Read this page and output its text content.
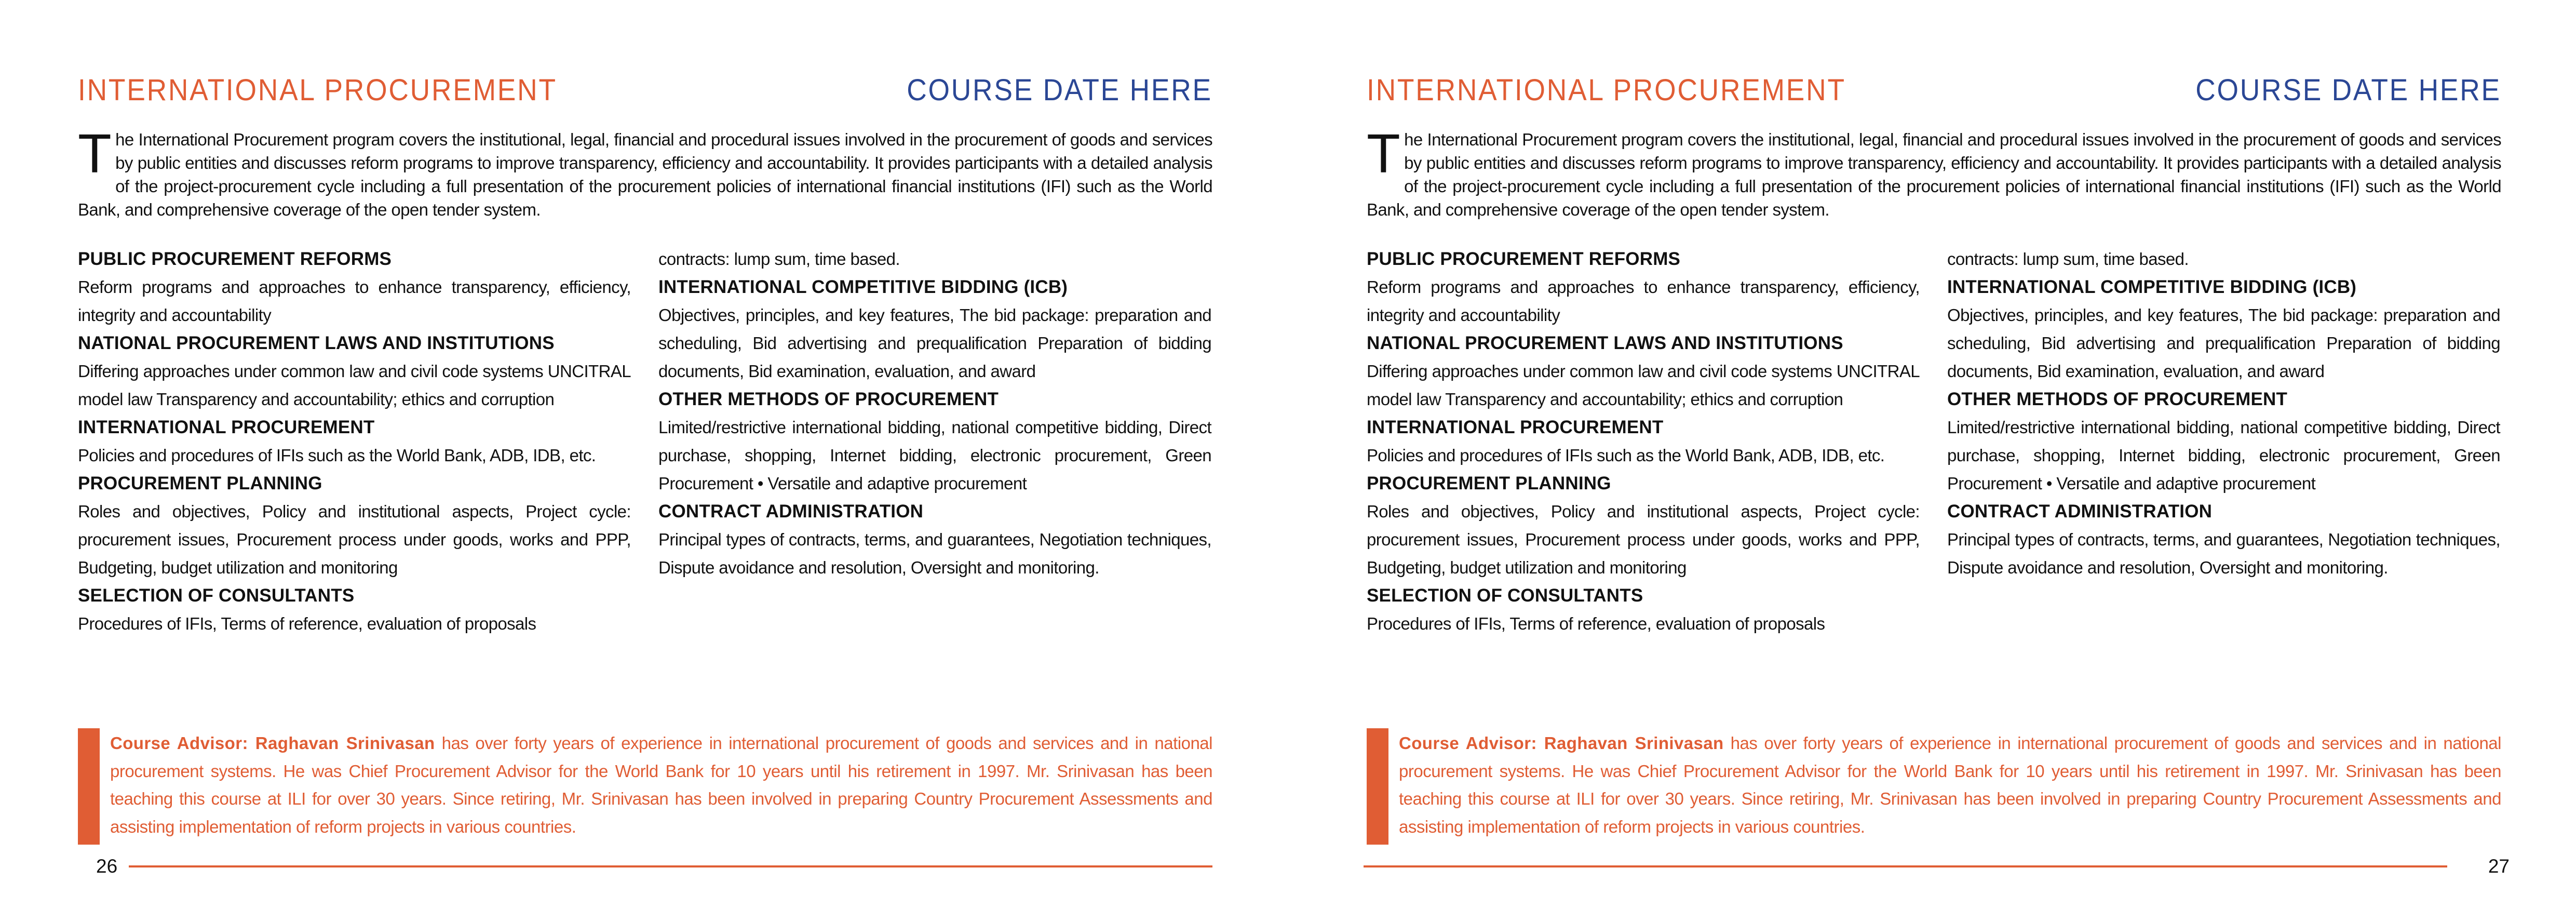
INTERNATIONAL PROCUREMENT	COURSE DATE HERE
The International Procurement program covers the institutional, legal, financial and procedural issues involved in the procurement of goods and services by public entities and discusses reform programs to improve transparency, efficiency and accountability. It provides participants with a detailed analysis of the project-procurement cycle including a full presentation of the procurement policies of international financial institutions (IFI) such as the World Bank, and comprehensive coverage of the open tender system.
PUBLIC PROCUREMENT REFORMS

Reform programs and approaches to enhance transparency, efficiency, integrity and accountability

NATIONAL PROCUREMENT LAWS AND INSTITUTIONS

Differing approaches under common law and civil code systems UNCITRAL model law Transparency and accountability; ethics and corruption

INTERNATIONAL PROCUREMENT

Policies and procedures of IFIs such as the World Bank, ADB, IDB, etc.

PROCUREMENT PLANNING

Roles and objectives, Policy and institutional aspects, Project cycle: procurement issues, Procurement process under goods, works and PPP, Budgeting, budget utilization and monitoring

SELECTION OF CONSULTANTS

Procedures of IFIs, Terms of reference, evaluation of proposals

contracts: lump sum, time based.

INTERNATIONAL COMPETITIVE BIDDING (ICB)

Objectives, principles, and key features, The bid package: preparation and scheduling, Bid advertising and prequalification Preparation of bidding documents, Bid examination, evaluation, and award

OTHER METHODS OF PROCUREMENT

Limited/restrictive international bidding, national competitive bidding, Direct purchase, shopping, Internet bidding, electronic procurement, Green Procurement • Versatile and adaptive procurement

CONTRACT ADMINISTRATION

Principal types of contracts, terms, and guarantees, Negotiation techniques, Dispute avoidance and resolution, Oversight and monitoring.

Course Advisor: Raghavan Srinivasan has over forty years of experience in international procurement of goods and services and in national procurement systems. He was Chief Procurement Advisor for the World Bank for 10 years until his retirement in 1997. Mr. Srinivasan has been teaching this course at ILI for over 30 years. Since retiring, Mr. Srinivasan has been involved in preparing Country Procurement Assessments and assisting implementation of reform projects in various countries.
26
INTERNATIONAL PROCUREMENT	COURSE DATE HERE
The International Procurement program covers the institutional, legal, financial and procedural issues involved in the procurement of goods and services by public entities and discusses reform programs to improve transparency, efficiency and accountability. It provides participants with a detailed analysis of the project-procurement cycle including a full presentation of the procurement policies of international financial institutions (IFI) such as the World Bank, and comprehensive coverage of the open tender system.
PUBLIC PROCUREMENT REFORMS

Reform programs and approaches to enhance transparency, efficiency, integrity and accountability

NATIONAL PROCUREMENT LAWS AND INSTITUTIONS

Differing approaches under common law and civil code systems UNCITRAL model law Transparency and accountability; ethics and corruption

INTERNATIONAL PROCUREMENT

Policies and procedures of IFIs such as the World Bank, ADB, IDB, etc.

PROCUREMENT PLANNING

Roles and objectives, Policy and institutional aspects, Project cycle: procurement issues, Procurement process under goods, works and PPP, Budgeting, budget utilization and monitoring

SELECTION OF CONSULTANTS

Procedures of IFIs, Terms of reference, evaluation of proposals

contracts: lump sum, time based.

INTERNATIONAL COMPETITIVE BIDDING (ICB)

Objectives, principles, and key features, The bid package: preparation and scheduling, Bid advertising and prequalification Preparation of bidding documents, Bid examination, evaluation, and award

OTHER METHODS OF PROCUREMENT

Limited/restrictive international bidding, national competitive bidding, Direct purchase, shopping, Internet bidding, electronic procurement, Green Procurement • Versatile and adaptive procurement

CONTRACT ADMINISTRATION

Principal types of contracts, terms, and guarantees, Negotiation techniques, Dispute avoidance and resolution, Oversight and monitoring.

Course Advisor: Raghavan Srinivasan has over forty years of experience in international procurement of goods and services and in national procurement systems. He was Chief Procurement Advisor for the World Bank for 10 years until his retirement in 1997. Mr. Srinivasan has been teaching this course at ILI for over 30 years. Since retiring, Mr. Srinivasan has been involved in preparing Country Procurement Assessments and assisting implementation of reform projects in various countries.
27
